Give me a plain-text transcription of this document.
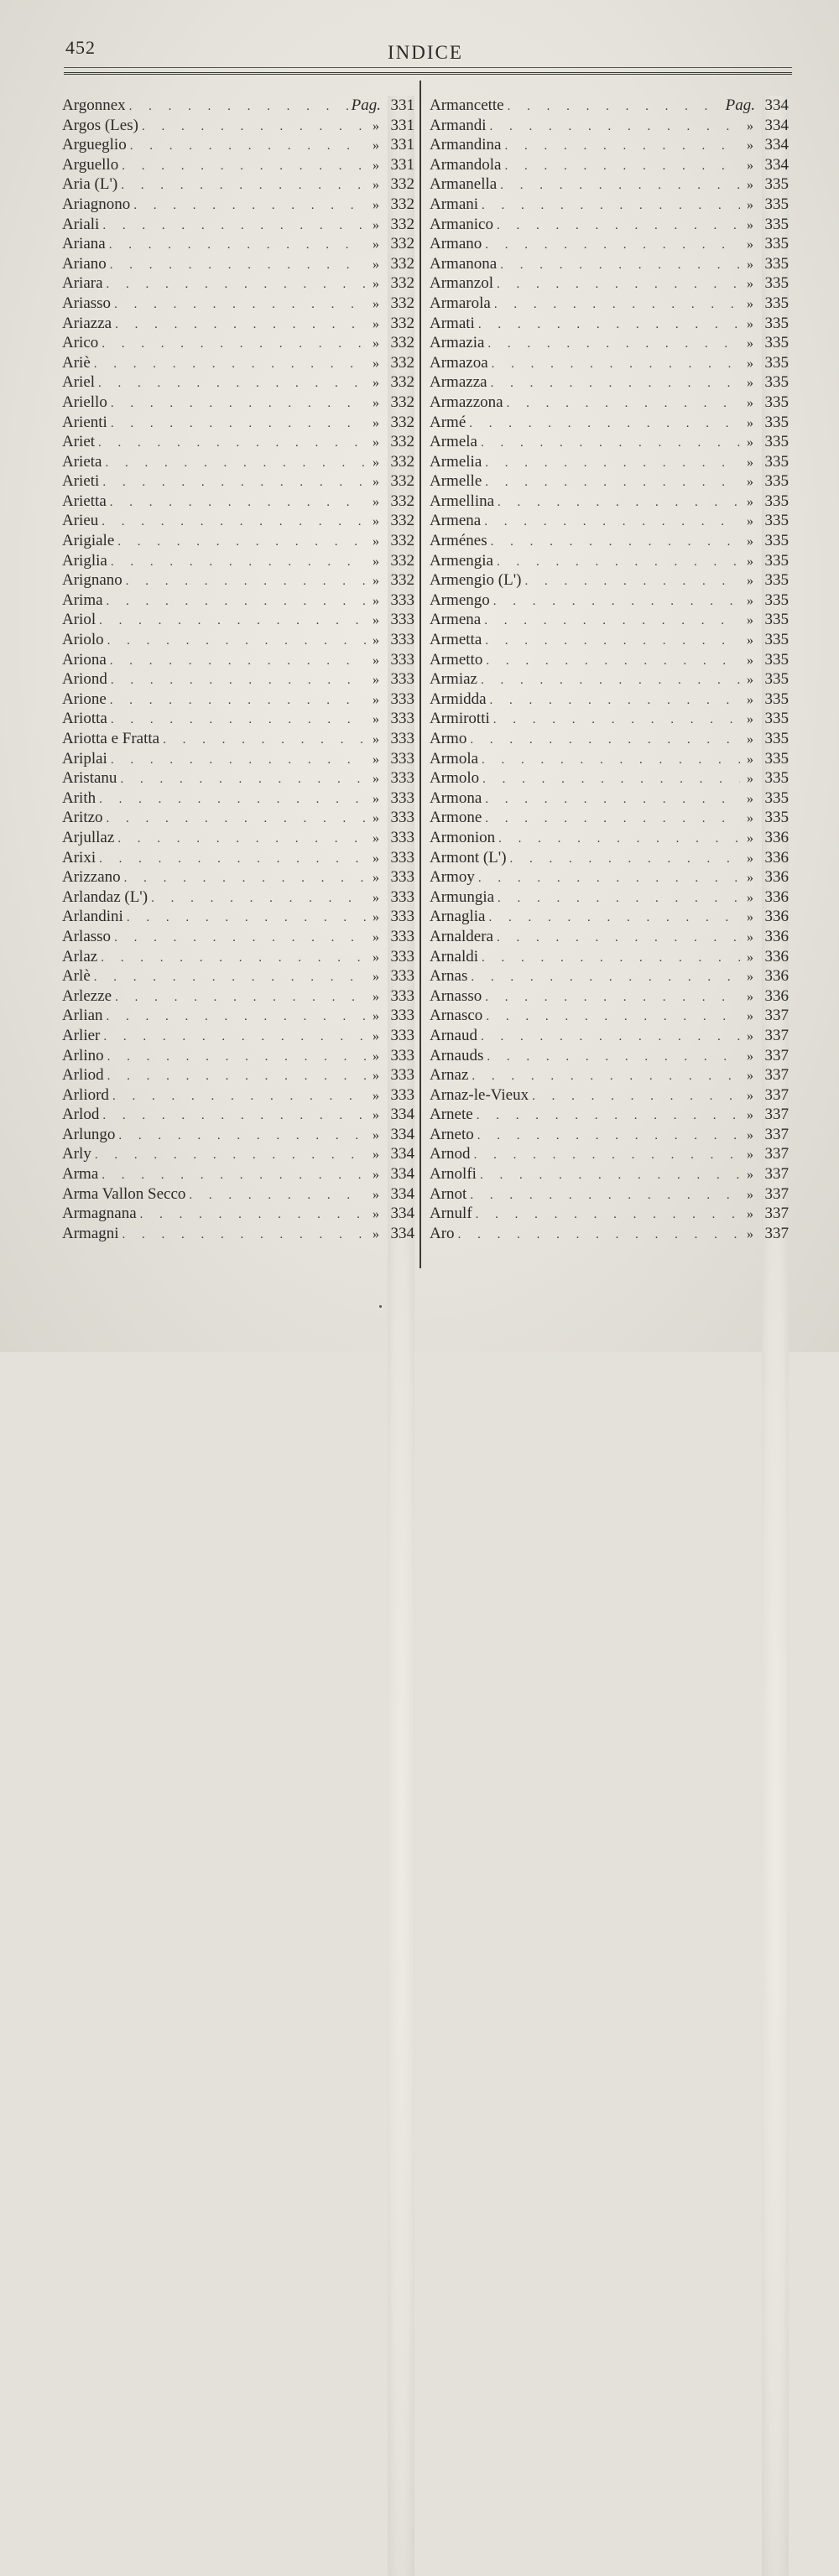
452	INDICE
Argonnex . . .	Pag. 331
Argos (Les) . . .	» 331
Argueglio . . .	» 331
Arguello . . .	» 331
Aria (L') . . .	» 332
Ariagnono . . .	» 332
Ariali . . .	» 332
Ariana . . .	» 332
Ariano . . .	» 332
Ariara . . .	» 332
Ariasso . . .	» 332
Ariazza . . .	» 332
Arico . . .	» 332
Ariè . . .	» 332
Ariel . . .	» 332
Ariello . . .	» 332
Arienti . . .	» 332
Ariet . . .	» 332
Arieta . . .	» 332
Arieti . . .	» 332
Arietta . . .	» 332
Arieu . . .	» 332
Arigiale . . .	» 332
Ariglia . . .	» 332
Arignano . . .	» 332
Arima . . .	» 333
Ariol . . .	» 333
Ariolo . . .	» 333
Ariona . . .	» 333
Ariond . . .	» 333
Arione . . .	» 333
Ariotta . . .	» 333
Ariotta e Fratta . . .	» 333
Ariplai . . .	» 333
Aristanu . . .	» 333
Arith . . .	» 333
Aritzo . . .	» 333
Arjullaz . . .	» 333
Arixi . . .	» 333
Arizzano . . .	» 333
Arlandaz (L') . . .	» 333
Arlandini . . .	» 333
Arlasso . . .	» 333
Arlaz . . .	» 333
Arlè . . .	» 333
Arlezze . . .	» 333
Arlian . . .	» 333
Arlier . . .	» 333
Arlino . . .	» 333
Arliod . . .	» 333
Arliord . . .	» 333
Arlod . . .	» 334
Arlungo . . .	» 334
Arly . . .	» 334
Arma . . .	» 334
Arma Vallon Secco . . .	» 334
Armagnana . . .	» 334
Armagni . . .	» 334
Armancette . . .	Pag. 334
Armandi . . .	» 334
Armandina . . .	» 334
Armandola . . .	» 334
Armanella . . .	» 335
Armani . . .	» 335
Armanico . . .	» 335
Armano . . .	» 335
Armanona . . .	» 335
Armanzol . . .	» 335
Armarola . . .	» 335
Armati . . .	» 335
Armazia . . .	» 335
Armazoa . . .	» 335
Armazza . . .	» 335
Armazzona . . .	» 335
Armé . . .	» 335
Armela . . .	» 335
Armelia . . .	» 335
Armelle . . .	» 335
Armellina . . .	» 335
Armena . . .	» 335
Arménes . . .	» 335
Armengia . . .	» 335
Armengio (L') . . .	» 335
Armengo . . .	» 335
Armena . . .	» 335
Armetta . . .	» 335
Armetto . . .	» 335
Armiaz . . .	» 335
Armidda . . .	» 335
Armirotti . . .	» 335
Armo . . .	» 335
Armola . . .	» 335
Armolo . . .	» 335
Armona . . .	» 335
Armone . . .	» 335
Armonion . . .	» 336
Armont (L') . . .	» 336
Armoy . . .	» 336
Armungia . . .	» 336
Arnaglia . . .	» 336
Arnaldera . . .	» 336
Arnaldi . . .	» 336
Arnas . . .	» 336
Arnasso . . .	» 336
Arnasco . . .	» 337
Arnaud . . .	» 337
Arnauds . . .	» 337
Arnaz . . .	» 337
Arnaz-le-Vieux . . .	» 337
Arnete . . .	» 337
Arneto . . .	» 337
Arnod . . .	» 337
Arnolfi . . .	» 337
Arnot . . .	» 337
Arnulf . . .	» 337
Aro . . .	» 337
